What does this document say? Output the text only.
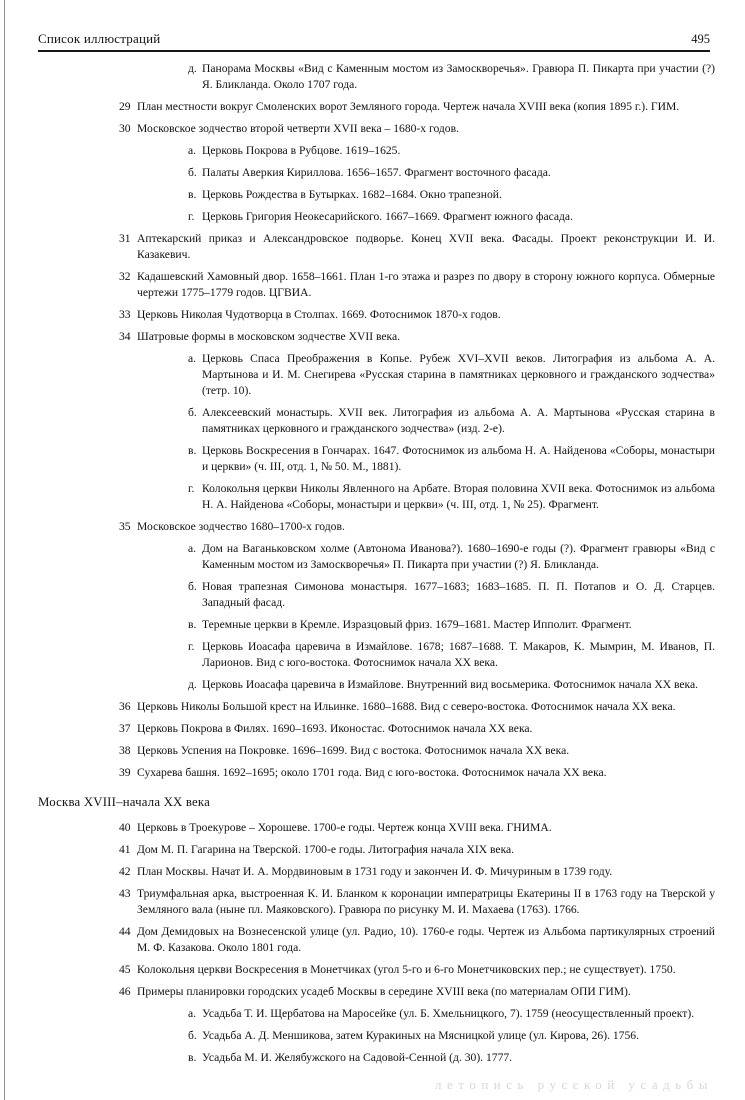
Список иллюстраций	495
д. Панорама Москвы «Вид с Каменным мостом из Замоскворечья». Гравюра П. Пикарта при участии (?) Я. Бликланда. Около 1707 года.
29 План местности вокруг Смоленских ворот Земляного города. Чертеж начала XVIII века (копия 1895 г.). ГИМ.
30 Московское зодчество второй четверти XVII века – 1680-х годов.
а. Церковь Покрова в Рубцове. 1619–1625.
б. Палаты Аверкия Кириллова. 1656–1657. Фрагмент восточного фасада.
в. Церковь Рождества в Бутырках. 1682–1684. Окно трапезной.
г. Церковь Григория Неокесарийского. 1667–1669. Фрагмент южного фасада.
31 Аптекарский приказ и Александровское подворье. Конец XVII века. Фасады. Проект реконструкции И. И. Казакевич.
32 Кадашевский Хамовный двор. 1658–1661. План 1-го этажа и разрез по двору в сторону южного корпуса. Обмерные чертежи 1775–1779 годов. ЦГВИА.
33 Церковь Николая Чудотворца в Столпах. 1669. Фотоснимок 1870-х годов.
34 Шатровые формы в московском зодчестве XVII века.
а. Церковь Спаса Преображения в Копье. Рубеж XVI–XVII веков. Литография из альбома А. А. Мартынова и И. М. Снегирева «Русская старина в памятниках церковного и гражданского зодчества» (тетр. 10).
б. Алексеевский монастырь. XVII век. Литография из альбома А. А. Мартынова «Русская старина в памятниках церковного и гражданского зодчества» (изд. 2-е).
в. Церковь Воскресения в Гончарах. 1647. Фотоснимок из альбома Н. А. Найденова «Соборы, монастыри и церкви» (ч. III, отд. 1, № 50. М., 1881).
г. Колокольня церкви Николы Явленного на Арбате. Вторая половина XVII века. Фотоснимок из альбома Н. А. Найденова «Соборы, монастыри и церкви» (ч. III, отд. 1, № 25). Фрагмент.
35 Московское зодчество 1680–1700-х годов.
а. Дом на Ваганьковском холме (Автонома Иванова?). 1680–1690-е годы (?). Фрагмент гравюры «Вид с Каменным мостом из Замоскворечья» П. Пикарта при участии (?) Я. Бликланда.
б. Новая трапезная Симонова монастыря. 1677–1683; 1683–1685. П. П. Потапов и О. Д. Старцев. Западный фасад.
в. Теремные церкви в Кремле. Изразцовый фриз. 1679–1681. Мастер Ипполит. Фрагмент.
г. Церковь Иоасафа царевича в Измайлове. 1678; 1687–1688. Т. Макаров, К. Мымрин, М. Иванов, П. Ларионов. Вид с юго-востока. Фотоснимок начала XX века.
д. Церковь Иоасафа царевича в Измайлове. Внутренний вид восьмерика. Фотоснимок начала XX века.
36 Церковь Николы Большой крест на Ильинке. 1680–1688. Вид с северо-востока. Фотоснимок начала XX века.
37 Церковь Покрова в Филях. 1690–1693. Иконостас. Фотоснимок начала XX века.
38 Церковь Успения на Покровке. 1696–1699. Вид с востока. Фотоснимок начала XX века.
39 Сухарева башня. 1692–1695; около 1701 года. Вид с юго-востока. Фотоснимок начала XX века.
Москва XVIII–начала XX века
40 Церковь в Троекурове – Хорошеве. 1700-е годы. Чертеж конца XVIII века. ГНИМА.
41 Дом М. П. Гагарина на Тверской. 1700-е годы. Литография начала XIX века.
42 План Москвы. Начат И. А. Мордвиновым в 1731 году и закончен И. Ф. Мичуриным в 1739 году.
43 Триумфальная арка, выстроенная К. И. Бланком к коронации императрицы Екатерины II в 1763 году на Тверской у Земляного вала (ныне пл. Маяковского). Гравюра по рисунку М. И. Махаева (1763). 1766.
44 Дом Демидовых на Вознесенской улице (ул. Радио, 10). 1760-е годы. Чертеж из Альбома партикулярных строений М. Ф. Казакова. Около 1801 года.
45 Колокольня церкви Воскресения в Монетчиках (угол 5-го и 6-го Монетчиковских пер.; не существует). 1750.
46 Примеры планировки городских усадеб Москвы в середине XVIII века (по материалам ОПИ ГИМ).
а. Усадьба Т. И. Щербатова на Маросейке (ул. Б. Хмельницкого, 7). 1759 (неосуществленный проект).
б. Усадьба А. Д. Меншикова, затем Куракиных на Мясницкой улице (ул. Кирова, 26). 1756.
в. Усадьба М. И. Желябужского на Садовой-Сенной (д. 30). 1777.
летопись русской усадьбы
